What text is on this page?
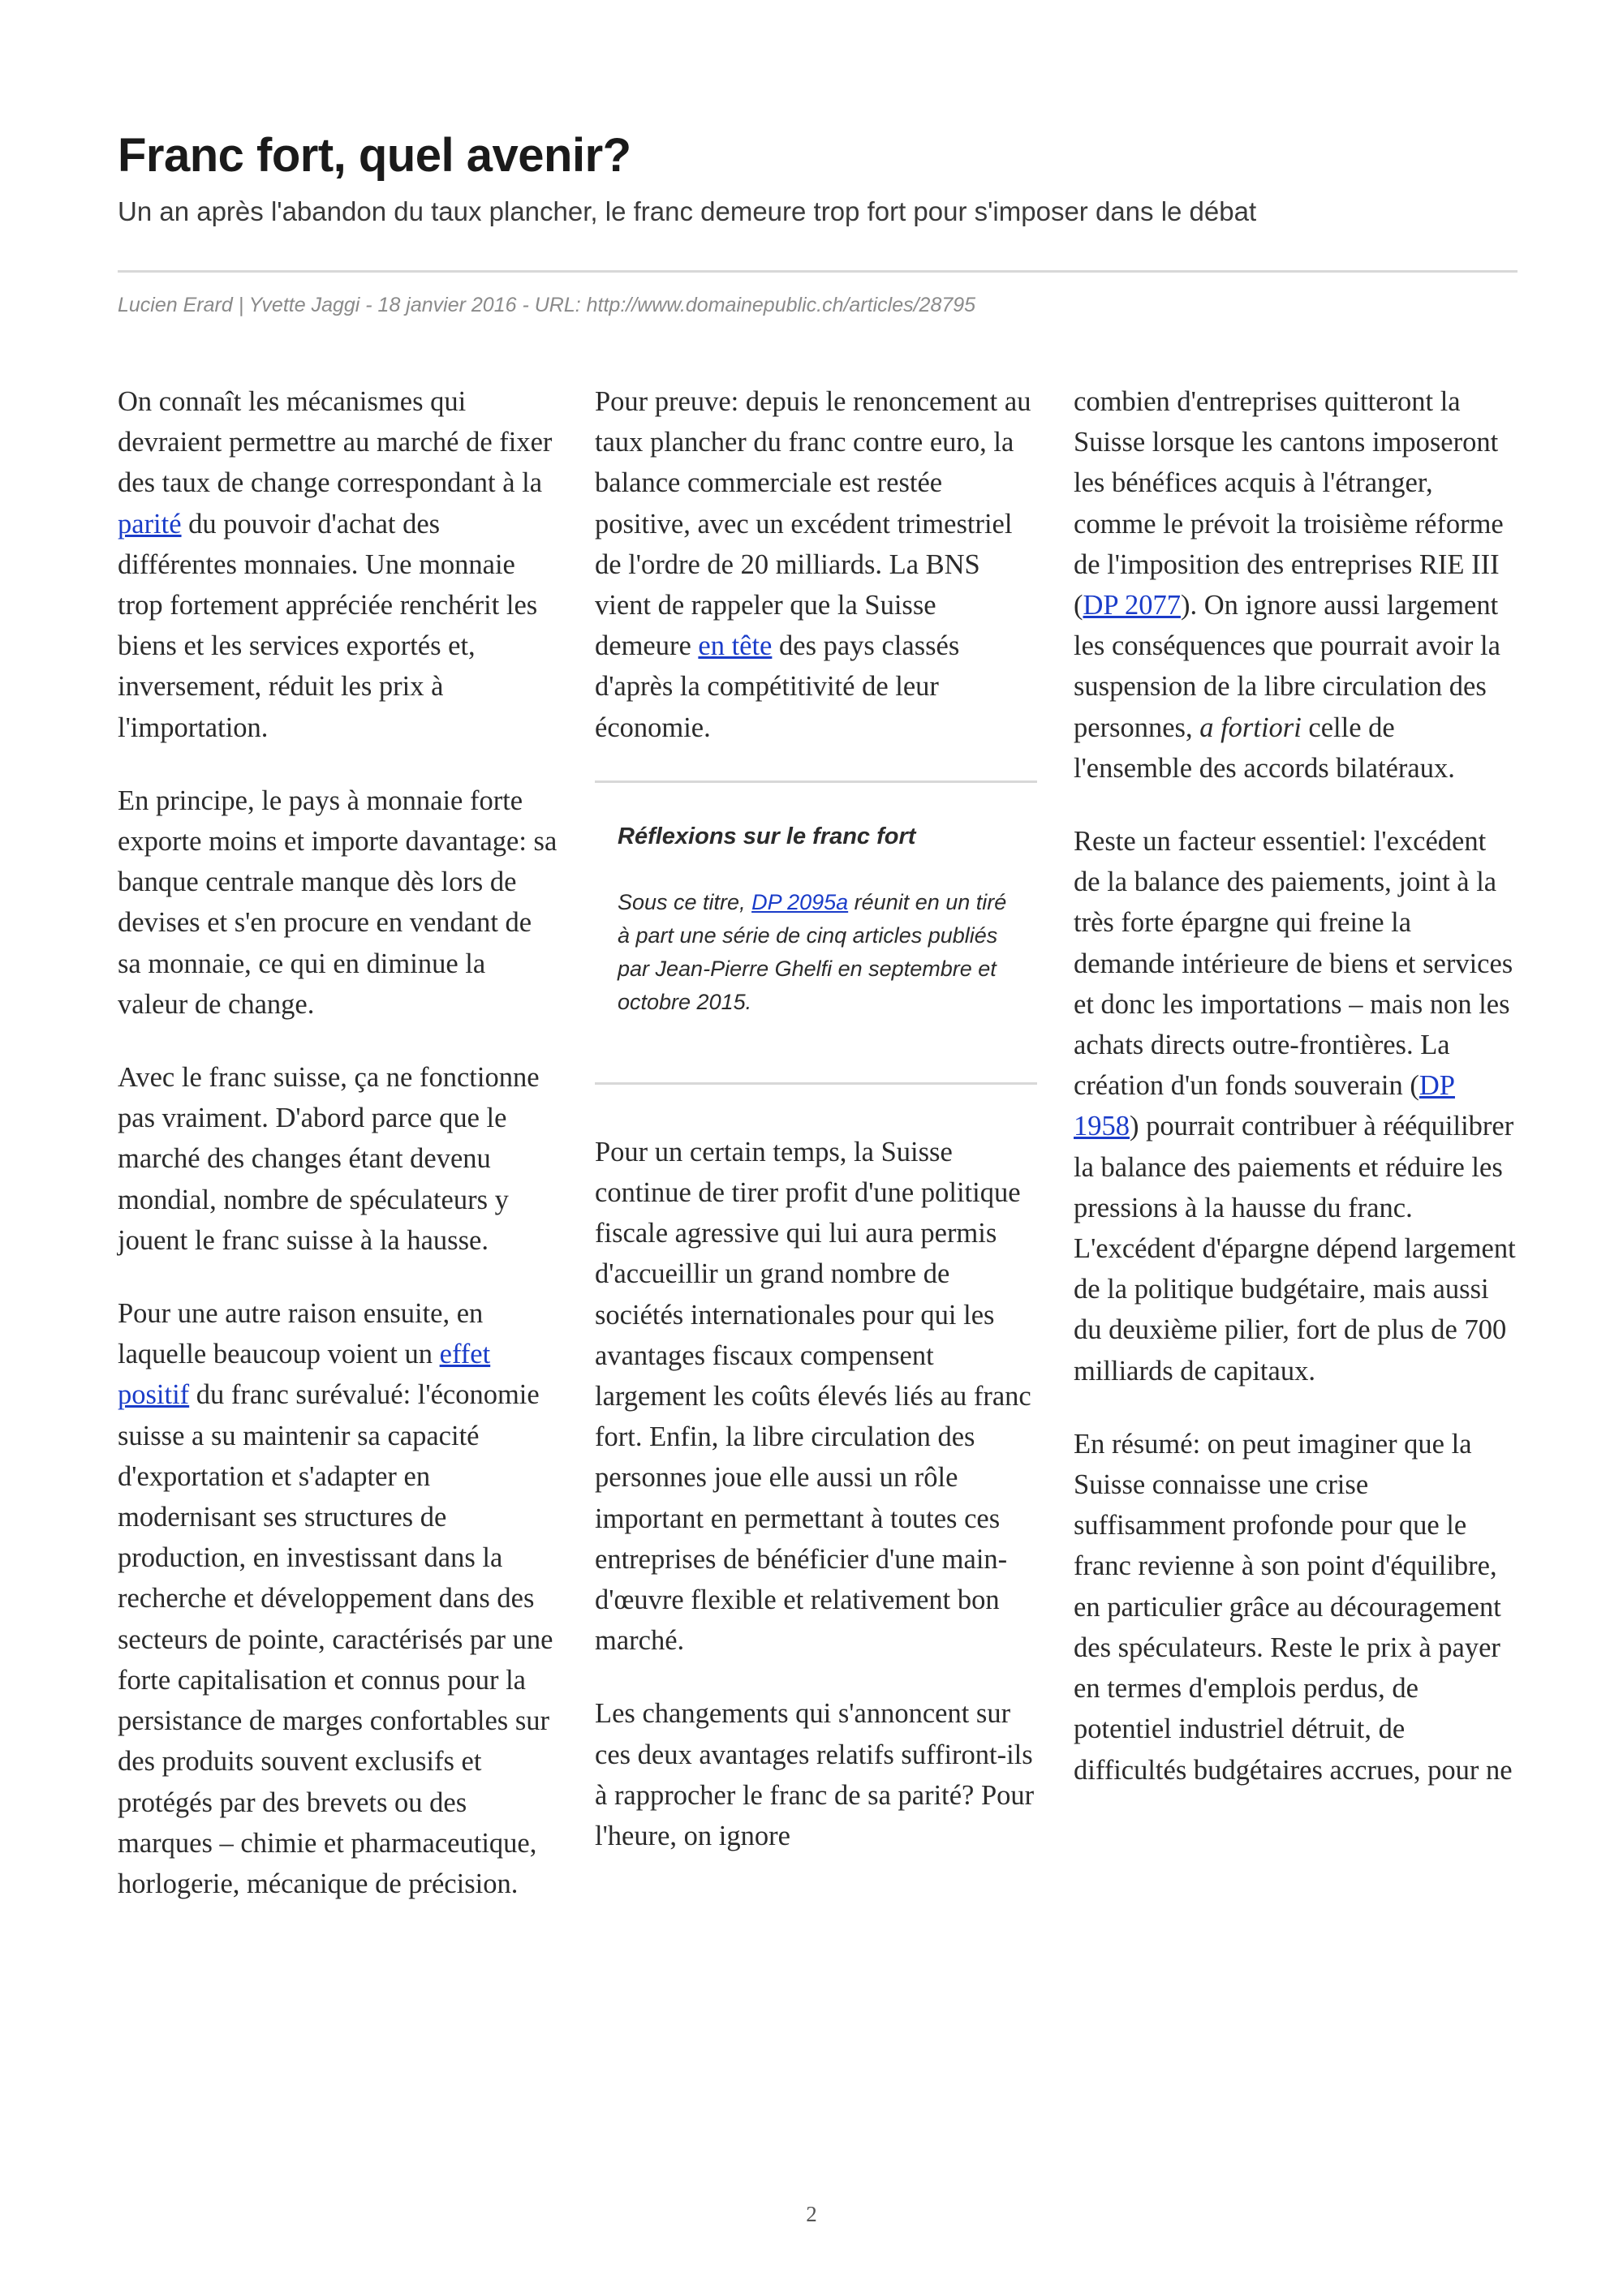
Franc fort, quel avenir?

Un an après l'abandon du taux plancher, le franc demeure trop fort pour s'imposer dans le débat

Lucien Erard | Yvette Jaggi - 18 janvier 2016 - URL: http://www.domainepublic.ch/articles/28795

On connaît les mécanismes qui devraient permettre au marché de fixer des taux de change correspondant à la parité du pouvoir d'achat des différentes monnaies. Une monnaie trop fortement appréciée renchérit les biens et les services exportés et, inversement, réduit les prix à l'importation.

En principe, le pays à monnaie forte exporte moins et importe davantage: sa banque centrale manque dès lors de devises et s'en procure en vendant de sa monnaie, ce qui en diminue la valeur de change.

Avec le franc suisse, ça ne fonctionne pas vraiment. D'abord parce que le marché des changes étant devenu mondial, nombre de spéculateurs y jouent le franc suisse à la hausse.

Pour une autre raison ensuite, en laquelle beaucoup voient un effet positif du franc surévalué: l'économie suisse a su maintenir sa capacité d'exportation et s'adapter en modernisant ses structures de production, en investissant dans la recherche et développement dans des secteurs de pointe, caractérisés par une forte capitalisation et connus pour la persistance de marges confortables sur des produits souvent exclusifs et protégés par des brevets ou des marques – chimie et pharmaceutique, horlogerie, mécanique de précision.

Pour preuve: depuis le renoncement au taux plancher du franc contre euro, la balance commerciale est restée positive, avec un excédent trimestriel de l'ordre de 20 milliards. La BNS vient de rappeler que la Suisse demeure en tête des pays classés d'après la compétitivité de leur économie.

Réflexions sur le franc fort

Sous ce titre, DP 2095a réunit en un tiré à part une série de cinq articles publiés par Jean-Pierre Ghelfi en septembre et octobre 2015.

Pour un certain temps, la Suisse continue de tirer profit d'une politique fiscale agressive qui lui aura permis d'accueillir un grand nombre de sociétés internationales pour qui les avantages fiscaux compensent largement les coûts élevés liés au franc fort. Enfin, la libre circulation des personnes joue elle aussi un rôle important en permettant à toutes ces entreprises de bénéficier d'une main-d'œuvre flexible et relativement bon marché.

Les changements qui s'annoncent sur ces deux avantages relatifs suffiront-ils à rapprocher le franc de sa parité? Pour l'heure, on ignore

combien d'entreprises quitteront la Suisse lorsque les cantons imposeront les bénéfices acquis à l'étranger, comme le prévoit la troisième réforme de l'imposition des entreprises RIE III (DP 2077). On ignore aussi largement les conséquences que pourrait avoir la suspension de la libre circulation des personnes, a fortiori celle de l'ensemble des accords bilatéraux.

Reste un facteur essentiel: l'excédent de la balance des paiements, joint à la très forte épargne qui freine la demande intérieure de biens et services et donc les importations – mais non les achats directs outre-frontières. La création d'un fonds souverain (DP 1958) pourrait contribuer à rééquilibrer la balance des paiements et réduire les pressions à la hausse du franc. L'excédent d'épargne dépend largement de la politique budgétaire, mais aussi du deuxième pilier, fort de plus de 700 milliards de capitaux.

En résumé: on peut imaginer que la Suisse connaisse une crise suffisamment profonde pour que le franc revienne à son point d'équilibre, en particulier grâce au découragement des spéculateurs. Reste le prix à payer en termes d'emplois perdus, de potentiel industriel détruit, de difficultés budgétaires accrues, pour ne

2
